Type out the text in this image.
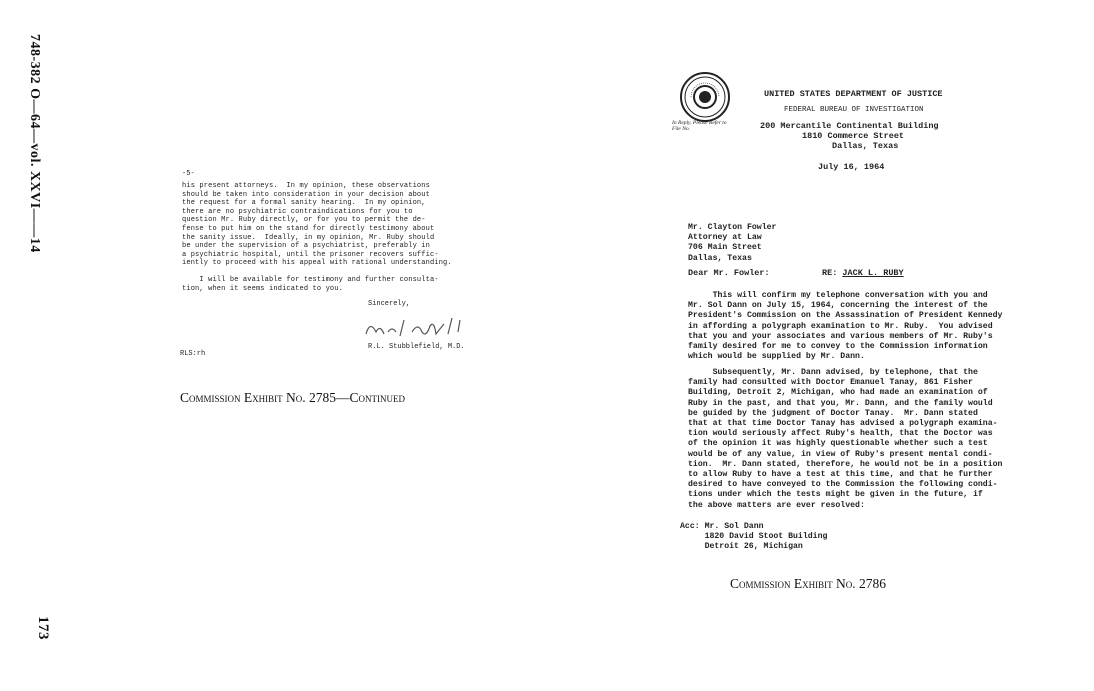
748-382 O—64—vol. XXVI——14
173
-5-
his present attorneys.  In my opinion, these observations
should be taken into consideration in your decision about
the request for a formal sanity hearing.  In my opinion,
there are no psychiatric contraindications for you to
question Mr. Ruby directly, or for you to permit the de-
fense to put him on the stand for directly testimony about
the sanity issue.  Ideally, in my opinion, Mr. Ruby should
be under the supervision of a psychiatrist, preferably in
a psychiatric hospital, until the prisoner recovers suffic-
iently to proceed with his appeal with rational understanding.
I will be available for testimony and further consulta-
tion, when it seems indicated to you.
Sincerely,
R.L. Stubblefield, M.D.
RLS:rh
Commission Exhibit No. 2785—Continued
UNITED STATES DEPARTMENT OF JUSTICE
FEDERAL BUREAU OF INVESTIGATION
In Reply, Please Refer to
File No.	200 Mercantile Continental Building
1810 Commerce Street
Dallas, Texas
July 16, 1964
Mr. Clayton Fowler
Attorney at Law
706 Main Street
Dallas, Texas
Dear Mr. Fowler:	RE: JACK L. RUBY
This will confirm my telephone conversation with you and
Mr. Sol Dann on July 15, 1964, concerning the interest of the
President's Commission on the Assassination of President Kennedy
in affording a polygraph examination to Mr. Ruby.  You advised
that you and your associates and various members of Mr. Ruby's
family desired for me to convey to the Commission information
which would be supplied by Mr. Dann.
Subsequently, Mr. Dann advised, by telephone, that the
family had consulted with Doctor Emanuel Tanay, 861 Fisher
Building, Detroit 2, Michigan, who had made an examination of
Ruby in the past, and that you, Mr. Dann, and the family would
be guided by the judgment of Doctor Tanay.  Mr. Dann stated
that at that time Doctor Tanay has advised a polygraph examina-
tion would seriously affect Ruby's health, that the Doctor was
of the opinion it was highly questionable whether such a test
would be of any value, in view of Ruby's present mental condi-
tion.  Mr. Dann stated, therefore, he would not be in a position
to allow Ruby to have a test at this time, and that he further
desired to have conveyed to the Commission the following condi-
tions under which the tests might be given in the future, if
the above matters are ever resolved:
Acc: Mr. Sol Dann
1820 David Stoot Building
Detroit 26, Michigan
Commission Exhibit No. 2786
